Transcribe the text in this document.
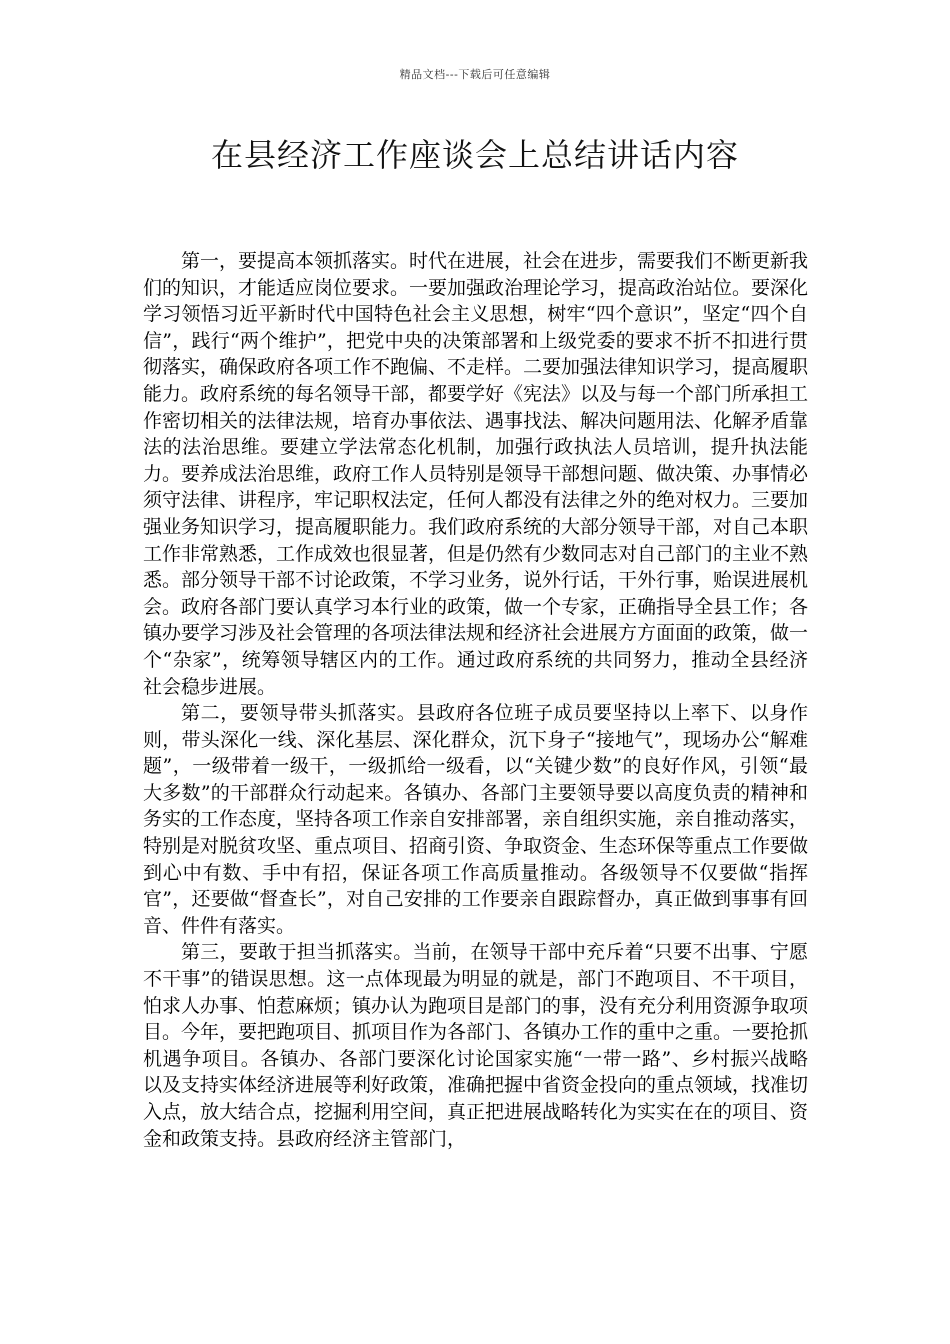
精品文档---下载后可任意编辑
在县经济工作座谈会上总结讲话内容

第一，要提高本领抓落实。时代在进展，社会在进步，需要我们不断更新我们的知识，才能适应岗位要求。一要加强政治理论学习，提高政治站位。要深化学习领悟习近平新时代中国特色社会主义思想，树牢“四个意识”，坚定“四个自信”，践行“两个维护”，把党中央的决策部署和上级党委的要求不折不扣进行贯彻落实，确保政府各项工作不跑偏、不走样。二要加强法律知识学习，提高履职能力。政府系统的每名领导干部，都要学好《宪法》以及与每一个部门所承担工作密切相关的法律法规，培育办事依法、遇事找法、解决问题用法、化解矛盾靠法的法治思维。要建立学法常态化机制，加强行政执法人员培训，提升执法能力。要养成法治思维，政府工作人员特别是领导干部想问题、做决策、办事情必须守法律、讲程序，牢记职权法定，任何人都没有法律之外的绝对权力。三要加强业务知识学习，提高履职能力。我们政府系统的大部分领导干部，对自己本职工作非常熟悉，工作成效也很显著，但是仍然有少数同志对自己部门的主业不熟悉。部分领导干部不讨论政策，不学习业务，说外行话，干外行事，贻误进展机会。政府各部门要认真学习本行业的政策，做一个专家，正确指导全县工作；各镇办要学习涉及社会管理的各项法律法规和经济社会进展方方面面的政策，做一个“杂家”，统筹领导辖区内的工作。通过政府系统的共同努力，推动全县经济社会稳步进展。

第二，要领导带头抓落实。县政府各位班子成员要坚持以上率下、以身作则，带头深化一线、深化基层、深化群众，沉下身子“接地气”，现场办公“解难题”，一级带着一级干，一级抓给一级看，以“关键少数”的良好作风，引领“最大多数”的干部群众行动起来。各镇办、各部门主要领导要以高度负责的精神和务实的工作态度，坚持各项工作亲自安排部署，亲自组织实施，亲自推动落实，特别是对脱贫攻坚、重点项目、招商引资、争取资金、生态环保等重点工作要做到心中有数、手中有招，保证各项工作高质量推动。各级领导不仅要做“指挥官”，还要做“督查长”，对自己安排的工作要亲自跟踪督办，真正做到事事有回音、件件有落实。

第三，要敢于担当抓落实。当前，在领导干部中充斥着“只要不出事、宁愿不干事”的错误思想。这一点体现最为明显的就是，部门不跑项目、不干项目，怕求人办事、怕惹麻烦；镇办认为跑项目是部门的事，没有充分利用资源争取项目。今年，要把跑项目、抓项目作为各部门、各镇办工作的重中之重。一要抢抓机遇争项目。各镇办、各部门要深化讨论国家实施“一带一路”、乡村振兴战略以及支持实体经济进展等利好政策，准确把握中省资金投向的重点领域，找准切入点，放大结合点，挖掘利用空间，真正把进展战略转化为实实在在的项目、资金和政策支持。县政府经济主管部门，
